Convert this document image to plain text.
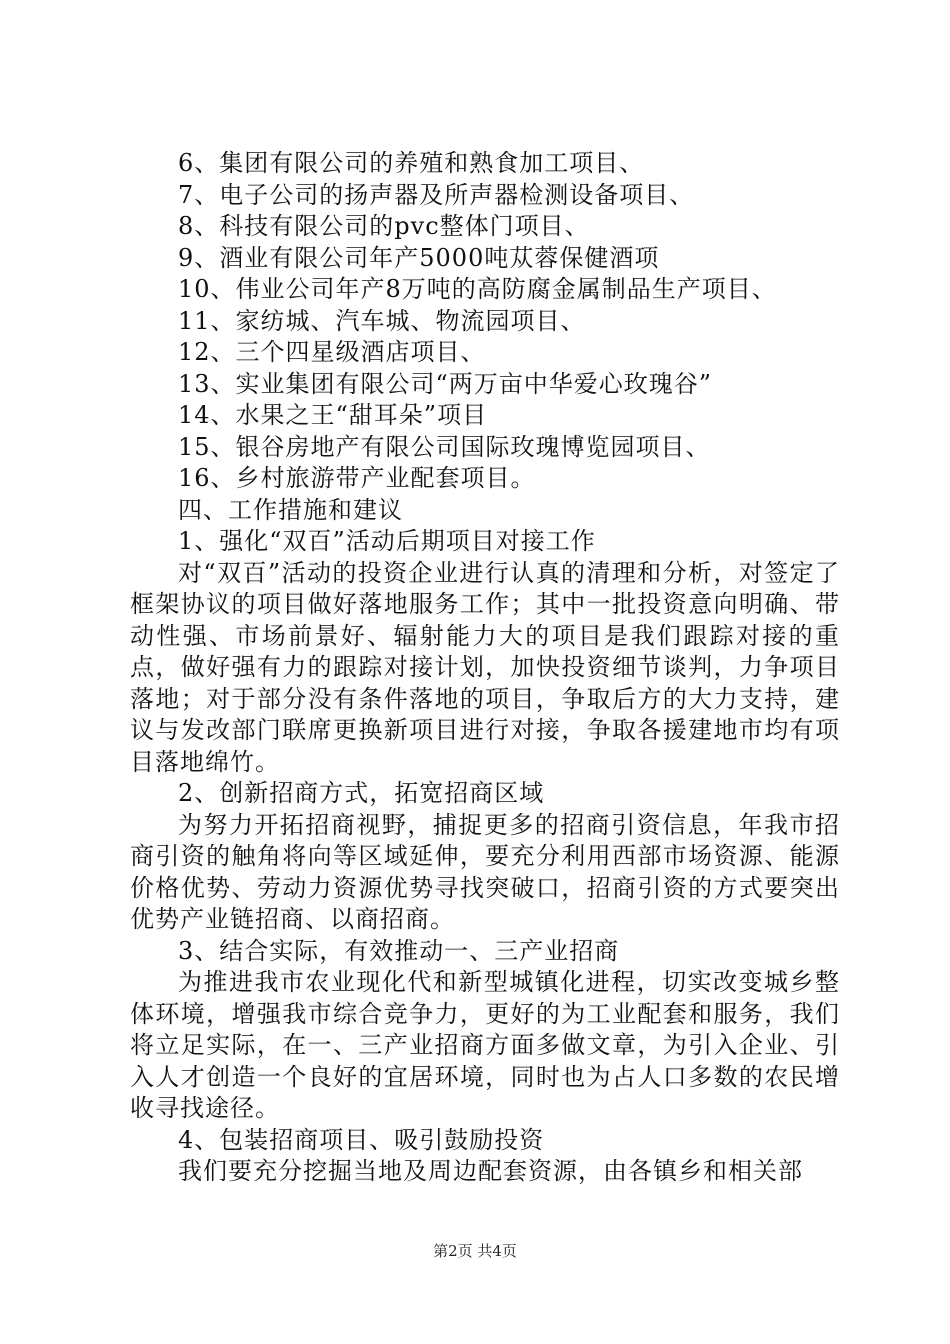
6、集团有限公司的养殖和熟食加工项目、

7、电子公司的扬声器及所声器检测设备项目、

8、科技有限公司的pvc整体门项目、

9、酒业有限公司年产5000吨苁蓉保健酒项

10、伟业公司年产8万吨的高防腐金属制品生产项目、

11、家纺城、汽车城、物流园项目、

12、三个四星级酒店项目、

13、实业集团有限公司“两万亩中华爱心玫瑰谷”

14、水果之王“甜耳朵”项目

15、银谷房地产有限公司国际玫瑰博览园项目、

16、乡村旅游带产业配套项目。

四、工作措施和建议

1、强化“双百”活动后期项目对接工作

对“双百”活动的投资企业进行认真的清理和分析，对签定了框架协议的项目做好落地服务工作；其中一批投资意向明确、带动性强、市场前景好、辐射能力大的项目是我们跟踪对接的重点，做好强有力的跟踪对接计划，加快投资细节谈判，力争项目落地；对于部分没有条件落地的项目，争取后方的大力支持，建议与发改部门联席更换新项目进行对接，争取各援建地市均有项目落地绵竹。

2、创新招商方式，拓宽招商区域

为努力开拓招商视野，捕捉更多的招商引资信息，年我市招商引资的触角将向等区域延伸，要充分利用西部市场资源、能源价格优势、劳动力资源优势寻找突破口，招商引资的方式要突出优势产业链招商、以商招商。

3、结合实际，有效推动一、三产业招商

为推进我市农业现化代和新型城镇化进程，切实改变城乡整体环境，增强我市综合竞争力，更好的为工业配套和服务，我们将立足实际，在一、三产业招商方面多做文章，为引入企业、引入人才创造一个良好的宜居环境，同时也为占人口多数的农民增收寻找途径。

4、包装招商项目、吸引鼓励投资

我们要充分挖掘当地及周边配套资源，由各镇乡和相关部

第2页 共4页
